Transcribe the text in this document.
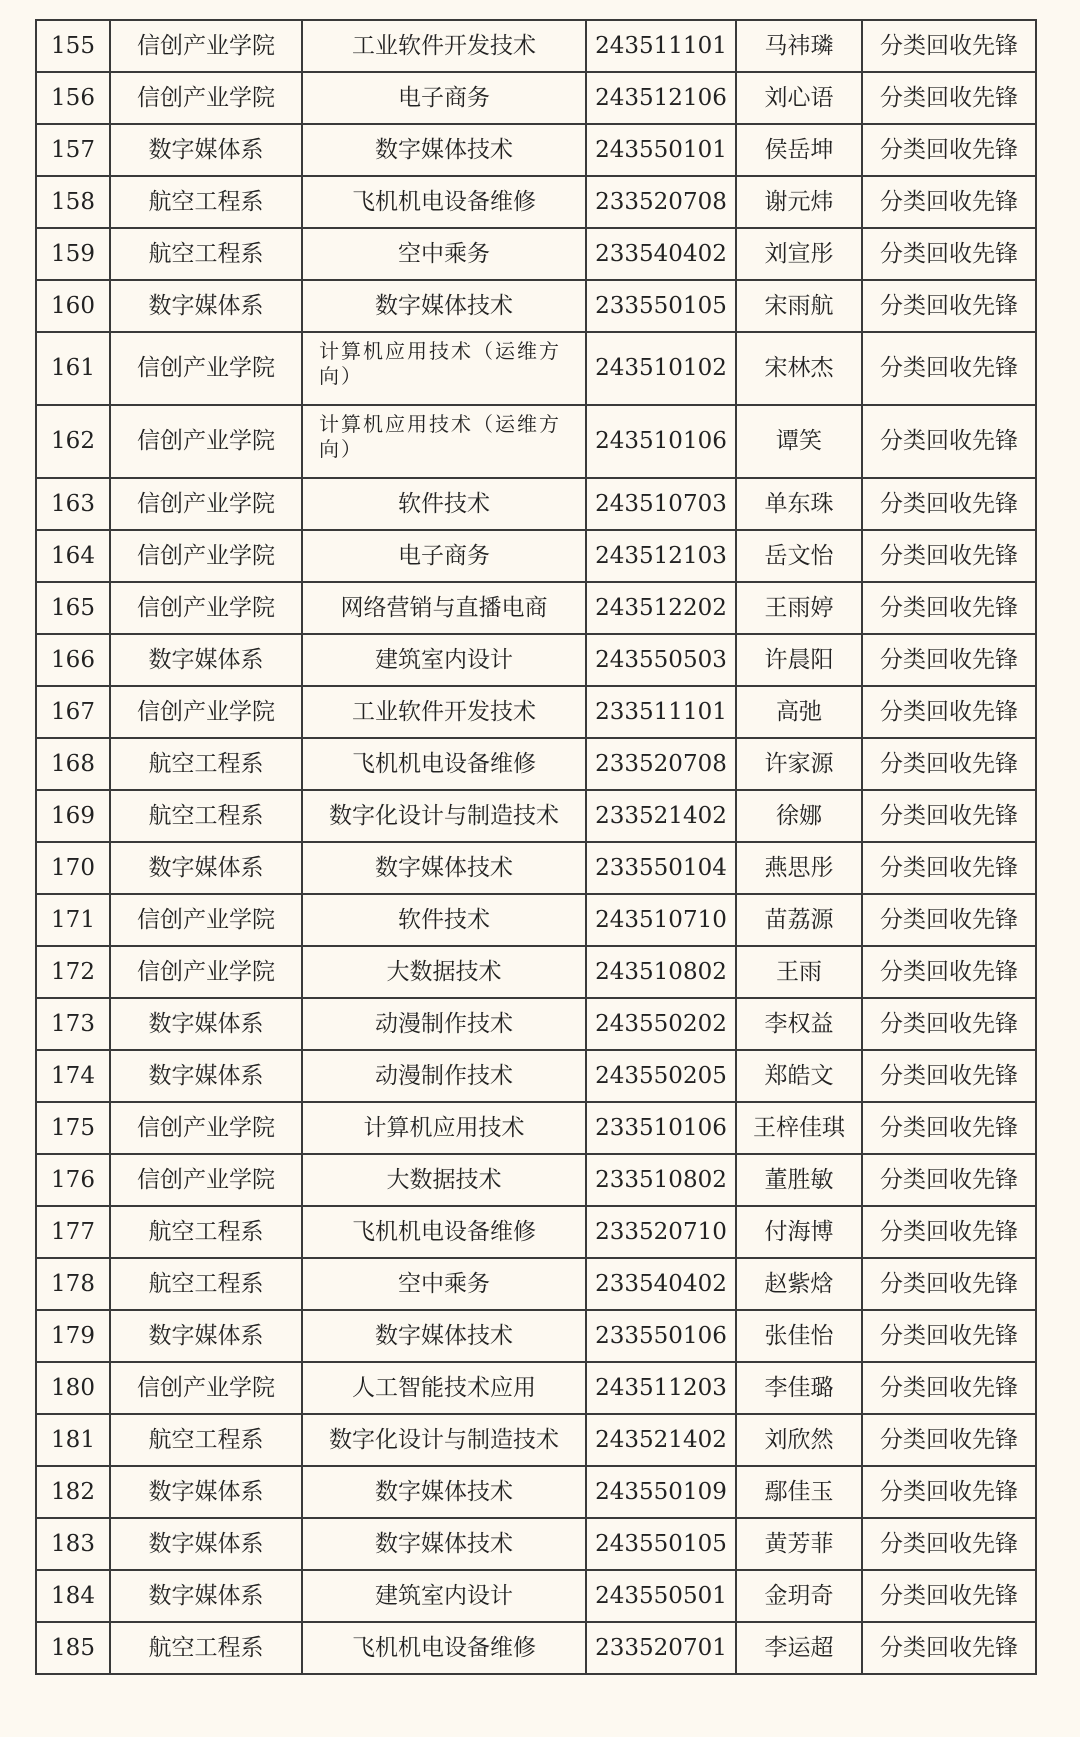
155	信创产业学院	工业软件开发技术	243511101	马祎璘	分类回收先锋
156	信创产业学院	电子商务	243512106	刘心语	分类回收先锋
157	数字媒体系	数字媒体技术	243550101	侯岳坤	分类回收先锋
158	航空工程系	飞机机电设备维修	233520708	谢元炜	分类回收先锋
159	航空工程系	空中乘务	233540402	刘宣彤	分类回收先锋
160	数字媒体系	数字媒体技术	233550105	宋雨航	分类回收先锋
161	信创产业学院	计算机应用技术（运维方向）	243510102	宋林杰	分类回收先锋
162	信创产业学院	计算机应用技术（运维方向）	243510106	谭笑	分类回收先锋
163	信创产业学院	软件技术	243510703	单东珠	分类回收先锋
164	信创产业学院	电子商务	243512103	岳文怡	分类回收先锋
165	信创产业学院	网络营销与直播电商	243512202	王雨婷	分类回收先锋
166	数字媒体系	建筑室内设计	243550503	许晨阳	分类回收先锋
167	信创产业学院	工业软件开发技术	233511101	高弛	分类回收先锋
168	航空工程系	飞机机电设备维修	233520708	许家源	分类回收先锋
169	航空工程系	数字化设计与制造技术	233521402	徐娜	分类回收先锋
170	数字媒体系	数字媒体技术	233550104	燕思彤	分类回收先锋
171	信创产业学院	软件技术	243510710	苗荔源	分类回收先锋
172	信创产业学院	大数据技术	243510802	王雨	分类回收先锋
173	数字媒体系	动漫制作技术	243550202	李权益	分类回收先锋
174	数字媒体系	动漫制作技术	243550205	郑皓文	分类回收先锋
175	信创产业学院	计算机应用技术	233510106	王梓佳琪	分类回收先锋
176	信创产业学院	大数据技术	233510802	董胜敏	分类回收先锋
177	航空工程系	飞机机电设备维修	233520710	付海博	分类回收先锋
178	航空工程系	空中乘务	233540402	赵紫焓	分类回收先锋
179	数字媒体系	数字媒体技术	233550106	张佳怡	分类回收先锋
180	信创产业学院	人工智能技术应用	243511203	李佳璐	分类回收先锋
181	航空工程系	数字化设计与制造技术	243521402	刘欣然	分类回收先锋
182	数字媒体系	数字媒体技术	243550109	鄢佳玉	分类回收先锋
183	数字媒体系	数字媒体技术	243550105	黄芳菲	分类回收先锋
184	数字媒体系	建筑室内设计	243550501	金玥奇	分类回收先锋
185	航空工程系	飞机机电设备维修	233520701	李运超	分类回收先锋
